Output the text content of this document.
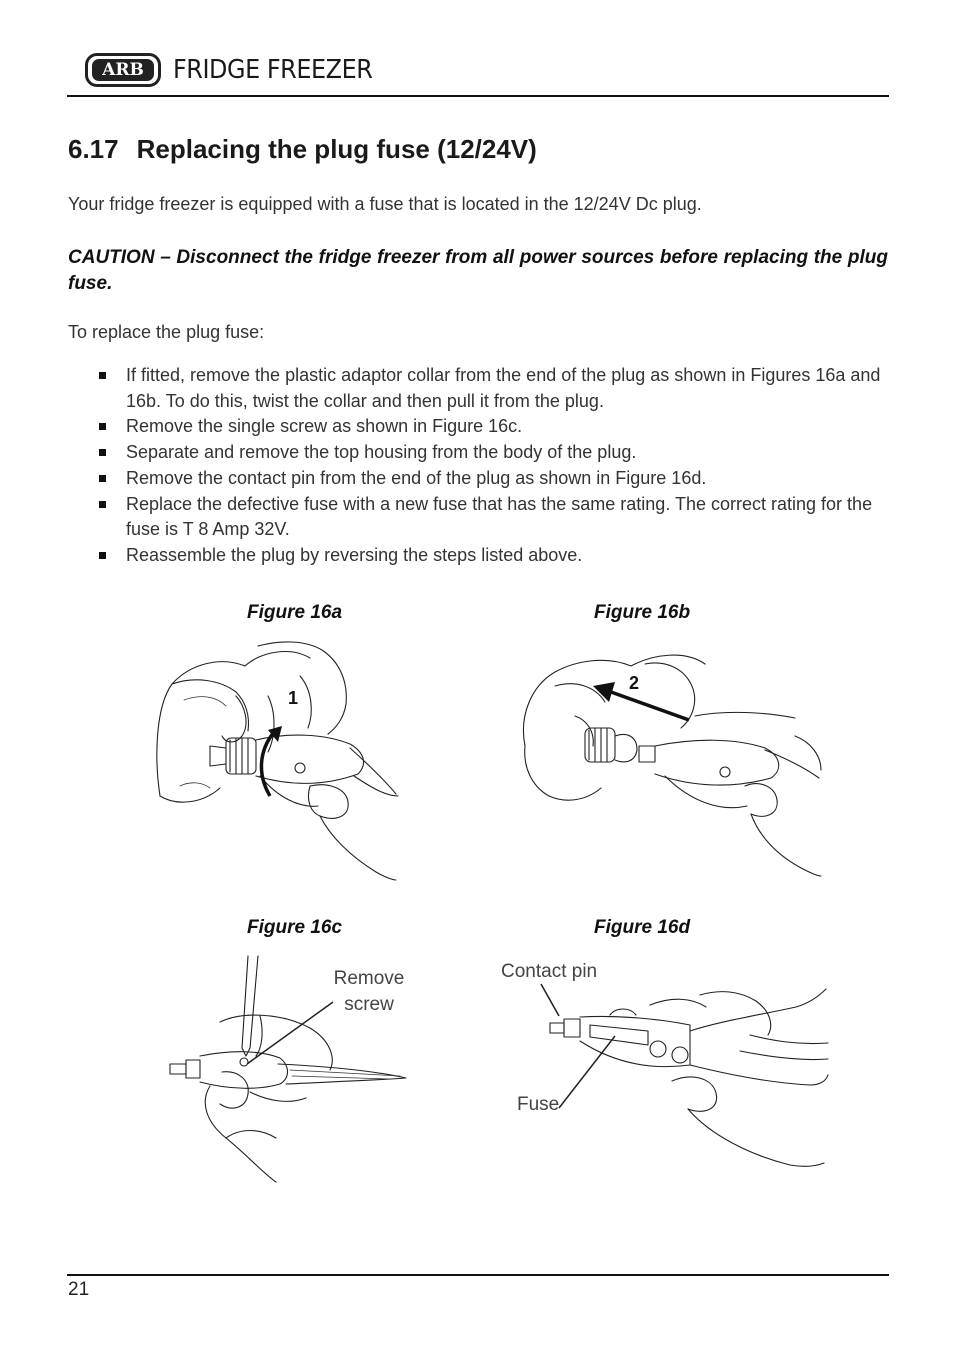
ARB	FRIDGE FREEZER
6.17 Replacing the plug fuse (12/24V)
Your fridge freezer is equipped with a fuse that is located in the 12/24V Dc plug.
CAUTION – Disconnect the fridge freezer from all power sources before replacing the plug fuse.
To replace the plug fuse:
If fitted, remove the plastic adaptor collar from the end of the plug as shown in Figures 16a and 16b. To do this, twist the collar and then pull it from the plug.
Remove the single screw as shown in Figure 16c.
Separate and remove the top housing from the body of the plug.
Remove the contact pin from the end of the plug as shown in Figure 16d.
Replace the defective fuse with a new fuse that has the same rating. The correct rating for the fuse is T 8 Amp 32V.
Reassemble the plug by reversing the steps listed above.
Figure 16a	Figure 16b
Figure 16c	Figure 16d
1
2
Remove
screw
Contact pin
Fuse
21
